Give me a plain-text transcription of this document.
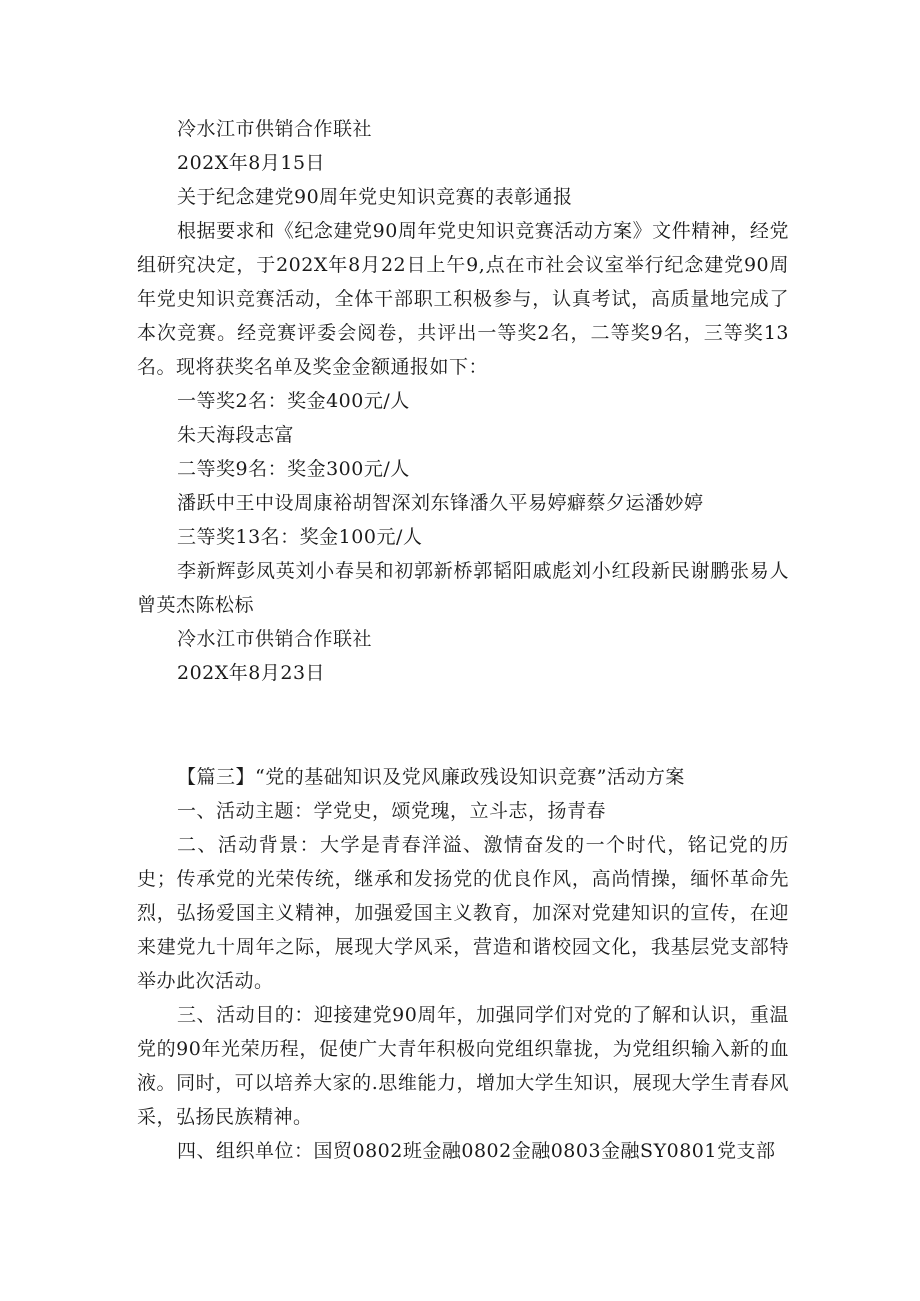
冷水江市供销合作联社
202X年8月15日
关于纪念建党90周年党史知识竞赛的表彰通报
根据要求和《纪念建党90周年党史知识竞赛活动方案》文件精神，经党组研究决定，于202X年8月22日上午9,点在市社会议室举行纪念建党90周年党史知识竞赛活动，全体干部职工积极参与，认真考试，高质量地完成了本次竞赛。经竞赛评委会阅卷，共评出一等奖2名，二等奖9名，三等奖13名。现将获奖名单及奖金金额通报如下：
一等奖2名：奖金400元/人
朱天海段志富
二等奖9名：奖金300元/人
潘跃中王中设周康裕胡智深刘东锋潘久平易婷癖蔡夕运潘妙婷
三等奖13名：奖金100元/人
李新辉彭凤英刘小春吴和初郭新桥郭韬阳戚彪刘小红段新民谢鹏张易人曾英杰陈松标
冷水江市供销合作联社
202X年8月23日
【篇三】“党的基础知识及党风廉政残设知识竞赛”活动方案
一、活动主题：学党史，颂党瑰，立斗志，扬青春
二、活动背景：大学是青春洋溢、激情奋发的一个时代，铭记党的历史；传承党的光荣传统，继承和发扬党的优良作风，高尚情操，缅怀革命先烈，弘扬爱国主义精神，加强爱国主义教育，加深对党建知识的宣传，在迎来建党九十周年之际，展现大学风采，营造和谐校园文化，我基层党支部特举办此次活动。
三、活动目的：迎接建党90周年，加强同学们对党的了解和认识，重温党的90年光荣历程，促使广大青年积极向党组织靠拢，为党组织输入新的血液。同时，可以培养大家的.思维能力，增加大学生知识，展现大学生青春风采，弘扬民族精神。
四、组织单位：国贸0802班金融0802金融0803金融SY0801党支部
